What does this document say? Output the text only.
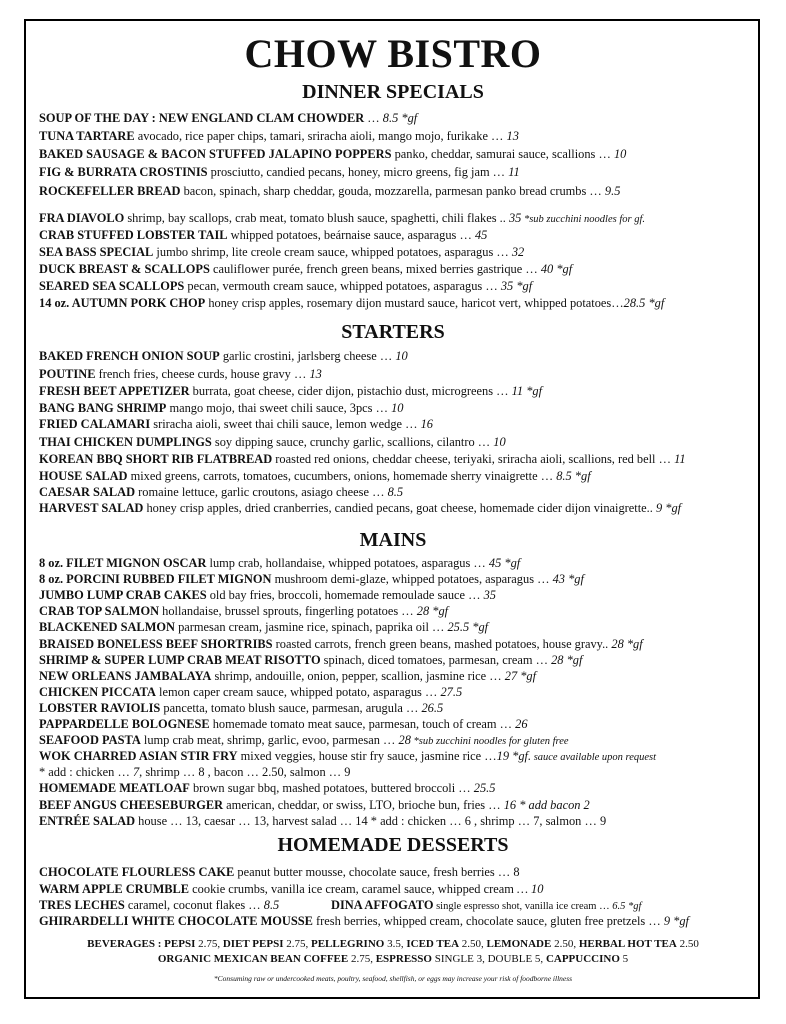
CHOW BISTRO
DINNER SPECIALS
SOUP OF THE DAY : NEW ENGLAND CLAM CHOWDER … 8.5 *gf
TUNA TARTARE avocado, rice paper chips, tamari, sriracha aioli, mango mojo, furikake … 13
BAKED SAUSAGE & BACON STUFFED JALAPINO POPPERS panko, cheddar, samurai sauce, scallions … 10
FIG & BURRATA CROSTINIS prosciutto, candied pecans, honey, micro greens, fig jam … 11
ROCKEFELLER BREAD bacon, spinach, sharp cheddar, gouda, mozzarella, parmesan panko bread crumbs … 9.5
FRA DIAVOLO shrimp, bay scallops, crab meat, tomato blush sauce, spaghetti, chili flakes .. 35 *sub zucchini noodles for gf.
CRAB STUFFED LOBSTER TAIL whipped potatoes, beárnaise sauce, asparagus … 45
SEA BASS SPECIAL jumbo shrimp, lite creole cream sauce, whipped potatoes, asparagus … 32
DUCK BREAST & SCALLOPS cauliflower purée, french green beans, mixed berries gastrique … 40 *gf
SEARED SEA SCALLOPS pecan, vermouth cream sauce, whipped potatoes, asparagus … 35 *gf
14 oz. AUTUMN PORK CHOP honey crisp apples, rosemary dijon mustard sauce, haricot vert, whipped potatoes…28.5 *gf
STARTERS
BAKED FRENCH ONION SOUP garlic crostini, jarlsberg cheese … 10
POUTINE french fries, cheese curds, house gravy … 13
FRESH BEET APPETIZER burrata, goat cheese, cider dijon, pistachio dust, microgreens … 11 *gf
BANG BANG SHRIMP mango mojo, thai sweet chili sauce, 3pcs … 10
FRIED CALAMARI sriracha aioli, sweet thai chili sauce, lemon wedge … 16
THAI CHICKEN DUMPLINGS soy dipping sauce, crunchy garlic, scallions, cilantro … 10
KOREAN BBQ SHORT RIB FLATBREAD roasted red onions, cheddar cheese, teriyaki, sriracha aioli, scallions, red bell … 11
HOUSE SALAD mixed greens, carrots, tomatoes, cucumbers, onions, homemade sherry vinaigrette … 8.5 *gf
CAESAR SALAD romaine lettuce, garlic croutons, asiago cheese … 8.5
HARVEST SALAD honey crisp apples, dried cranberries, candied pecans, goat cheese, homemade cider dijon vinaigrette.. 9 *gf
MAINS
8 oz. FILET MIGNON OSCAR lump crab, hollandaise, whipped potatoes, asparagus … 45 *gf
8 oz. PORCINI RUBBED FILET MIGNON mushroom demi-glaze, whipped potatoes, asparagus … 43 *gf
JUMBO LUMP CRAB CAKES old bay fries, broccoli, homemade remoulade sauce … 35
CRAB TOP SALMON hollandaise, brussel sprouts, fingerling potatoes … 28 *gf
BLACKENED SALMON parmesan cream, jasmine rice, spinach, paprika oil … 25.5 *gf
BRAISED BONELESS BEEF SHORTRIBS roasted carrots, french green beans, mashed potatoes, house gravy.. 28 *gf
SHRIMP & SUPER LUMP CRAB MEAT RISOTTO spinach, diced tomatoes, parmesan, cream … 28 *gf
NEW ORLEANS JAMBALAYA shrimp, andouille, onion, pepper, scallion, jasmine rice … 27 *gf
CHICKEN PICCATA lemon caper cream sauce, whipped potato, asparagus … 27.5
LOBSTER RAVIOLIS pancetta, tomato blush sauce, parmesan, arugula … 26.5
PAPPARDELLE BOLOGNESE homemade tomato meat sauce, parmesan, touch of cream … 26
SEAFOOD PASTA lump crab meat, shrimp, garlic, evoo, parmesan … 28 *sub zucchini noodles for gluten free
WOK CHARRED ASIAN STIR FRY mixed veggies, house stir fry sauce, jasmine rice …19 *gf. sauce available upon request
* add : chicken … 7, shrimp … 8 , bacon … 2.50, salmon … 9
HOMEMADE MEATLOAF brown sugar bbq, mashed potatoes, buttered broccoli … 25.5
BEEF ANGUS CHEESEBURGER american, cheddar, or swiss, LTO, brioche bun, fries … 16 * add bacon 2
ENTRÉE SALAD house … 13, caesar … 13, harvest salad … 14 * add : chicken … 6 , shrimp … 7, salmon … 9
HOMEMADE DESSERTS
CHOCOLATE FLOURLESS CAKE peanut butter mousse, chocolate sauce, fresh berries … 8
WARM APPLE CRUMBLE cookie crumbs, vanilla ice cream, caramel sauce, whipped cream … 10
TRES LECHES caramel, coconut flakes … 8.5
GHIRARDELLI WHITE CHOCOLATE MOUSSE fresh berries, whipped cream, chocolate sauce, gluten free pretzels … 9 *gf
DINA AFFOGATO single espresso shot, vanilla ice cream … 6.5 *gf
BEVERAGES : PEPSI 2.75, DIET PEPSI 2.75, PELLEGRINO 3.5, ICED TEA 2.50, LEMONADE 2.50, HERBAL HOT TEA 2.50
ORGANIC MEXICAN BEAN COFFEE 2.75, ESPRESSO SINGLE 3, DOUBLE 5, CAPPUCCINO 5
*Consuming raw or undercooked meats, poultry, seafood, shellfish, or eggs may increase your risk of foodborne illness
